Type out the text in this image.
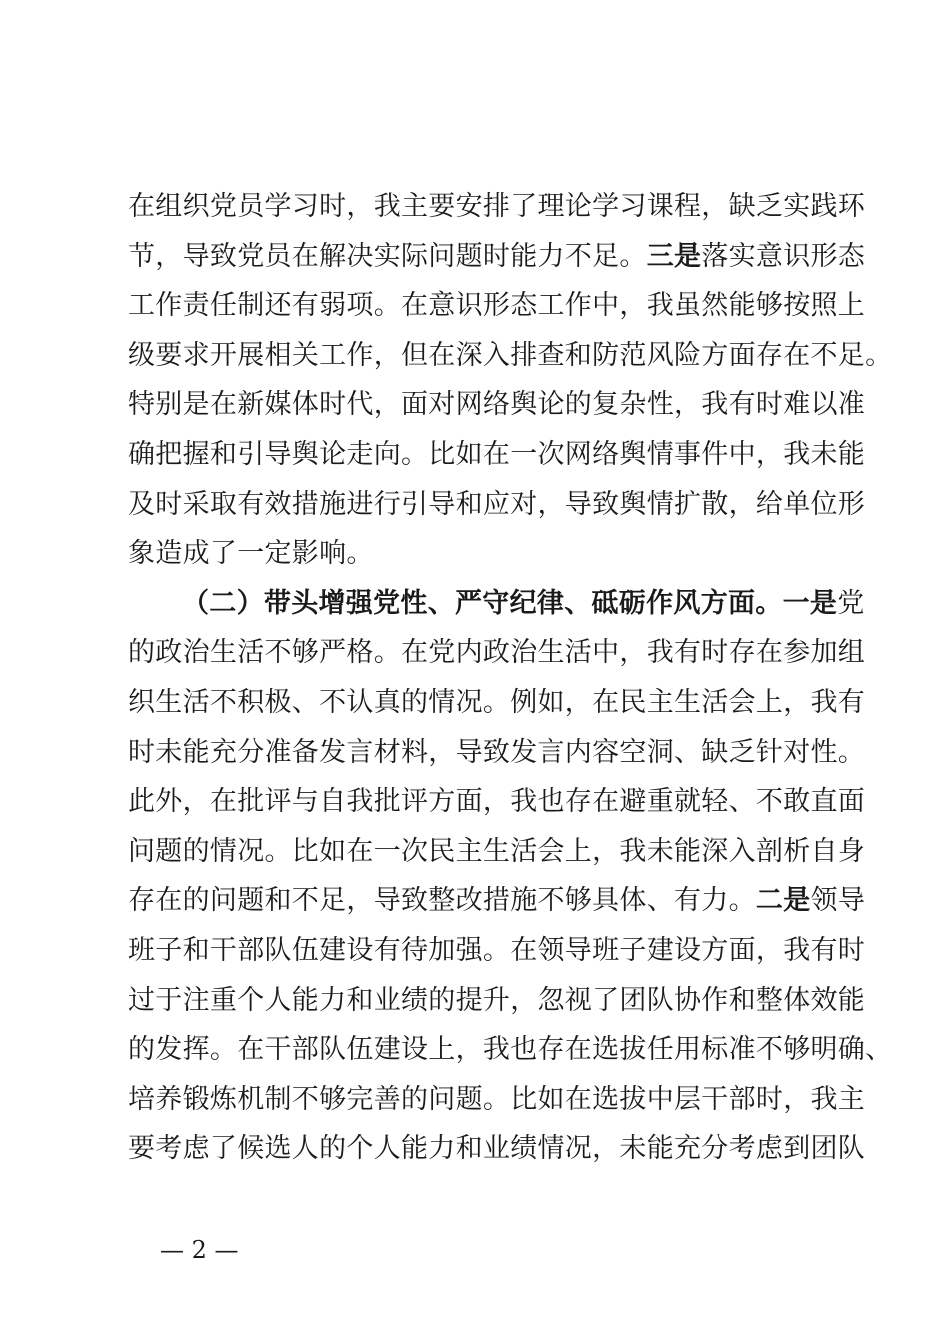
在组织党员学习时，我主要安排了理论学习课程，缺乏实践环
节，导致党员在解决实际问题时能力不足。三是落实意识形态
工作责任制还有弱项。在意识形态工作中，我虽然能够按照上
级要求开展相关工作，但在深入排查和防范风险方面存在不足。
特别是在新媒体时代，面对网络舆论的复杂性，我有时难以准
确把握和引导舆论走向。比如在一次网络舆情事件中，我未能
及时采取有效措施进行引导和应对，导致舆情扩散，给单位形
象造成了一定影响。
（二）带头增强党性、严守纪律、砥砺作风方面。一是党
的政治生活不够严格。在党内政治生活中，我有时存在参加组
织生活不积极、不认真的情况。例如，在民主生活会上，我有
时未能充分准备发言材料，导致发言内容空洞、缺乏针对性。
此外，在批评与自我批评方面，我也存在避重就轻、不敢直面
问题的情况。比如在一次民主生活会上，我未能深入剖析自身
存在的问题和不足，导致整改措施不够具体、有力。二是领导
班子和干部队伍建设有待加强。在领导班子建设方面，我有时
过于注重个人能力和业绩的提升，忽视了团队协作和整体效能
的发挥。在干部队伍建设上，我也存在选拔任用标准不够明确、
培养锻炼机制不够完善的问题。比如在选拔中层干部时，我主
要考虑了候选人的个人能力和业绩情况，未能充分考虑到团队
— 2 —
